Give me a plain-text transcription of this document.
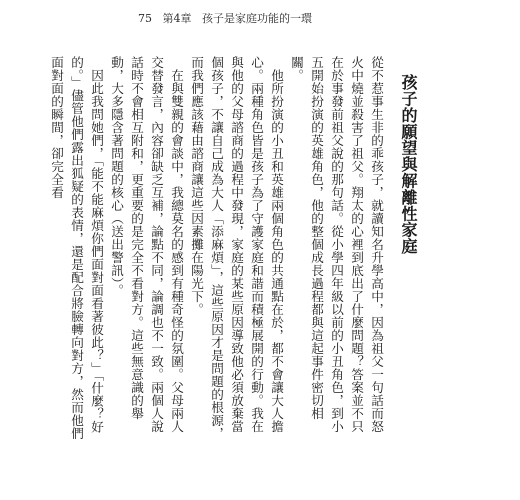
75 第4章 孩子是家庭功能的一環
孩子的願望與解離性家庭

從不惹事生非的乖孩子，就讀知名升學高中，因為祖父一句話而怒火中燒並殺害了祖父。翔太的心裡到底出了什麼問題？答案並不只在於事發前祖父說的那句話。從小學四年級以前的小丑角色，到小五開始扮演的英雄角色，他的整個成長過程都與這起事件密切相關。

他所扮演的小丑和英雄兩個角色的共通點在於，都不會讓大人擔心。兩種角色皆是孩子為了守護家庭和諧而積極展開的行動。我在與他的父母諮商的過程中發現，家庭的某些原因導致他必須放棄當個孩子，不讓自己成為大人「添麻煩」，這些原因才是問題的根源，而我們應該藉由諮商讓這些因素攤在陽光下。

在與雙親的會談中，我總莫名的感到有種奇怪的氛圍。父母兩人交替發言，內容卻缺乏互補，論點不同，論調也不一致。兩個人說話時不會相互附和，更重要的是完全不看對方。這些無意識的舉動，大多隱含著問題的核心（送出警訊）。

因此我問她們，「能不能麻煩你們面對面看著彼此？」「什麼？好的。」儘管他們露出狐疑的表情，還是配合將臉轉向對方，然而他們面對面的瞬間，卻完全看
